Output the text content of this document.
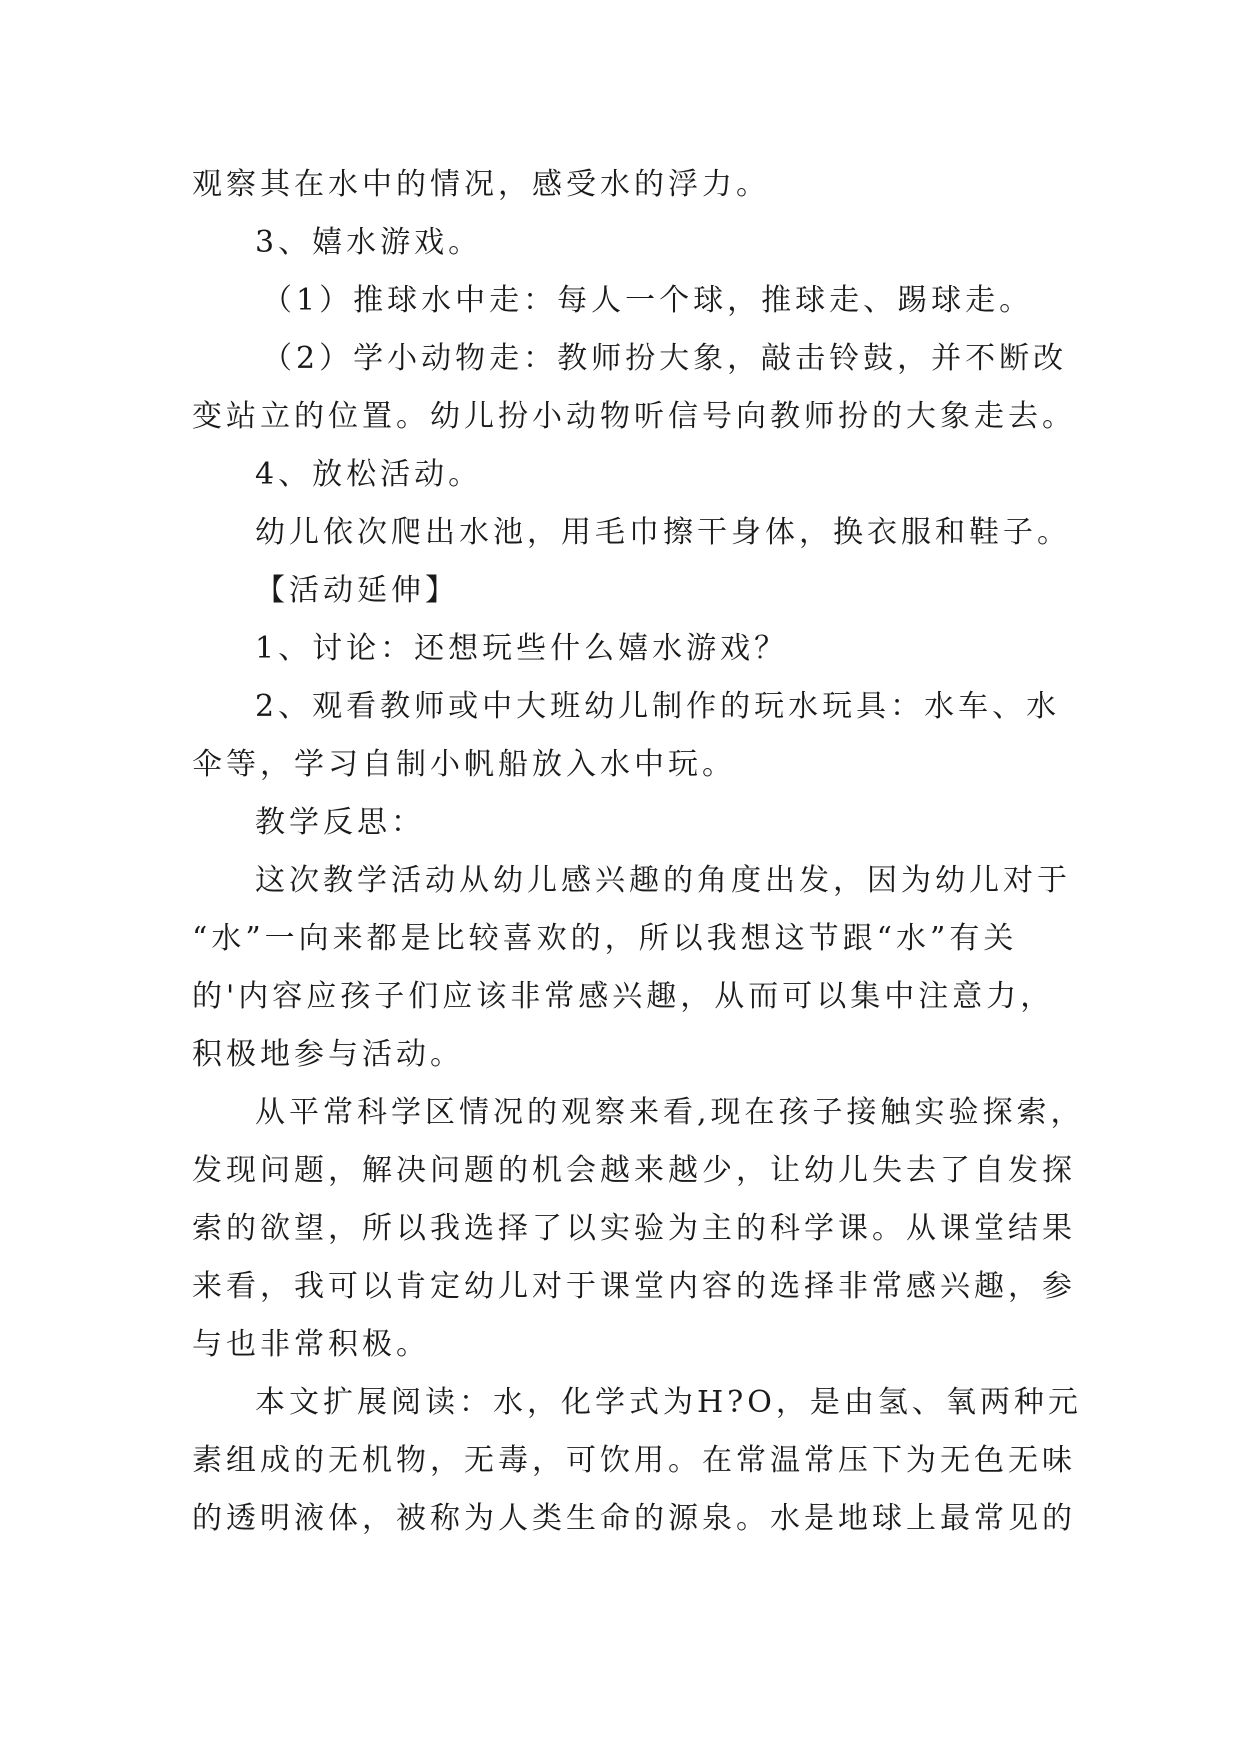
观察其在水中的情况，感受水的浮力。

3、嬉水游戏。

（1）推球水中走：每人一个球，推球走、踢球走。

（2）学小动物走：教师扮大象，敲击铃鼓，并不断改

变站立的位置。幼儿扮小动物听信号向教师扮的大象走去。

4、放松活动。

幼儿依次爬出水池，用毛巾擦干身体，换衣服和鞋子。

【活动延伸】

1、讨论：还想玩些什么嬉水游戏？

2、观看教师或中大班幼儿制作的玩水玩具：水车、水

伞等，学习自制小帆船放入水中玩。

教学反思：

这次教学活动从幼儿感兴趣的角度出发，因为幼儿对于

“水”一向来都是比较喜欢的，所以我想这节跟“水”有关

的'内容应孩子们应该非常感兴趣，从而可以集中注意力，

积极地参与活动。

从平常科学区情况的观察来看,现在孩子接触实验探索，

发现问题，解决问题的机会越来越少，让幼儿失去了自发探

索的欲望，所以我选择了以实验为主的科学课。从课堂结果

来看，我可以肯定幼儿对于课堂内容的选择非常感兴趣，参

与也非常积极。

本文扩展阅读：水，化学式为H?O，是由氢、氧两种元

素组成的无机物，无毒，可饮用。在常温常压下为无色无味

的透明液体，被称为人类生命的源泉。水是地球上最常见的
